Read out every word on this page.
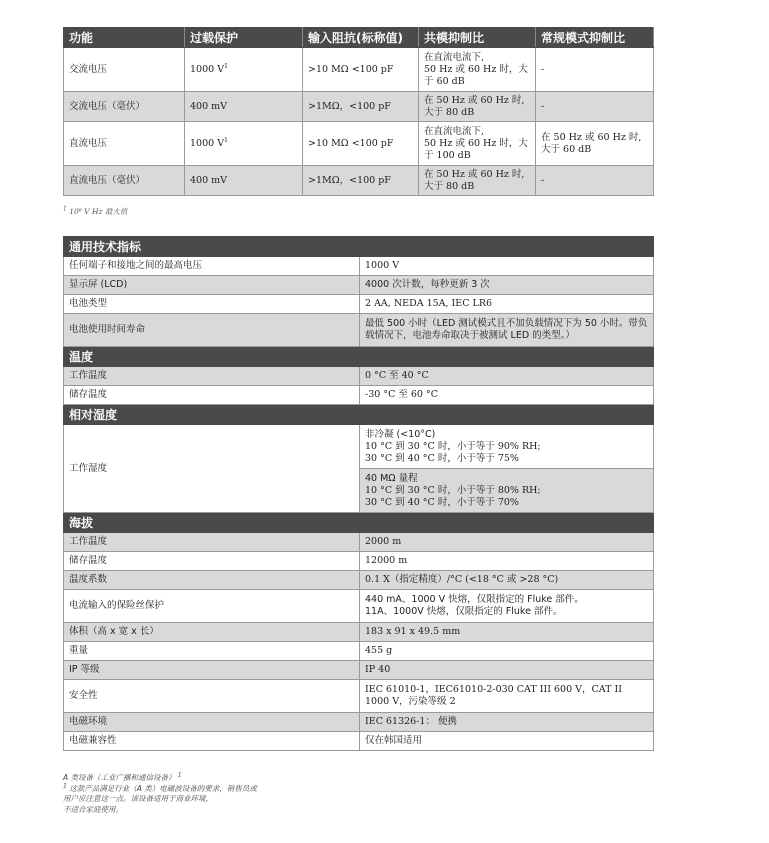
功能	过载保护	输入阻抗(标称值)	共模抑制比	常规模式抑制比
交流电压	1000 $V^1$	>10 MΩ <100 pF	在直流电流下,
50 Hz 或 60 Hz 时，大
于 60 dB	-
交流电压（毫伏）	400 mV	>1MΩ，<100 pF	在 50 Hz 或 60 Hz 时,
大于 80 dB	-
直流电压	1000 $V^1$	>10 MΩ <100 pF	在直流电流下,
50 Hz 或 60 Hz 时，大
于 100 dB	在 50 Hz 或 60 Hz 时, 大于 60 dB
直流电压（毫伏）	400 mV	>1MΩ，<100 pF	在 50 Hz 或 60 Hz 时,
大于 80 dB	-
$^1$ 10⁶ V Hz 最大值
通用技术指标	
任何端子和接地之间的最高电压	1000 V
显示屏 (LCD)	4000 次计数，每秒更新 3 次
电池类型	2 AA, NEDA 15A, IEC LR6
电池使用时间寿命	最低 500 小时（LED 测试模式且不加负载情况下为 50 小时。带负载情况下，电池寿命取决于被测试 LED 的类型。）
温度	
工作温度	0 °C 至 40 °C
储存温度	-30 °C 至 60 °C
相对湿度	
工作湿度	非冷凝 (<10°C)
10 °C 到 30 °C 时，小于等于 90% RH;
30 °C 到 40 °C 时，小于等于 75%

	40 MΩ 量程
10 °C 到 30 °C 时，小于等于 80% RH;
30 °C 到 40 °C 时，小于等于 70%

海拔	
工作温度	2000 m
储存温度	12000 m
温度系数	0.1 X（指定精度）/°C (<18 °C 或 >28 °C)
电流输入的保险丝保护	440 mA、1000 V 快熔，仅限指定的 Fluke 部件。
11A、1000V 快熔，仅限指定的 Fluke 部件。
体积（高 x 宽 x 长）	183 x 91 x 49.5 mm
重量	455 g
IP 等级	IP 40
安全性	IEC 61010-1，IEC61010-2-030 CAT III 600 V，CAT II 1000 V，污染等级 2
电磁环境	IEC 61326-1： 便携
电磁兼容性	仅在韩国适用
A 类设备（工业广播和通信设备） $^1$
$^1$ 这款产品满足行业（A 类）电磁波设备的要求，销售员或
用户应注意这一点。该设备适用于商业环境，
不适合家庭使用。
